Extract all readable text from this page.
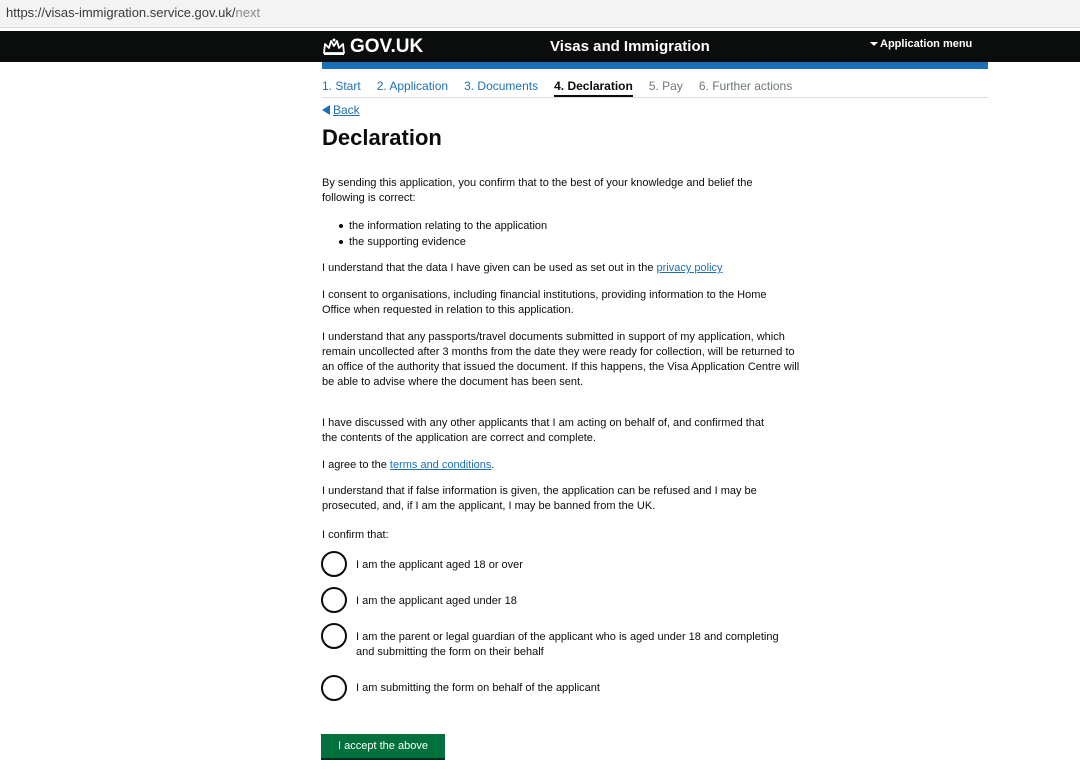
https://visas-immigration.service.gov.uk/next
GOV.UK	Visas and Immigration	Application menu
1. Start 2. Application 3. Documents 4. Declaration 5. Pay 6. Further actions
Back
Declaration

By sending this application, you confirm that to the best of your knowledge and belief the following is correct:

the information relating to the application
the supporting evidence

I understand that the data I have given can be used as set out in the privacy policy

I consent to organisations, including financial institutions, providing information to the Home Office when requested in relation to this application.

I understand that any passports/travel documents submitted in support of my application, which remain uncollected after 3 months from the date they were ready for collection, will be returned to an office of the authority that issued the document. If this happens, the Visa Application Centre will be able to advise where the document has been sent.

I have discussed with any other applicants that I am acting on behalf of, and confirmed that the contents of the application are correct and complete.

I agree to the terms and conditions.

I understand that if false information is given, the application can be refused and I may be prosecuted, and, if I am the applicant, I may be banned from the UK.

I confirm that:

I am the applicant aged 18 or over
I am the applicant aged under 18
I am the parent or legal guardian of the applicant who is aged under 18 and completing and submitting the form on their behalf
I am submitting the form on behalf of the applicant
I accept the above
